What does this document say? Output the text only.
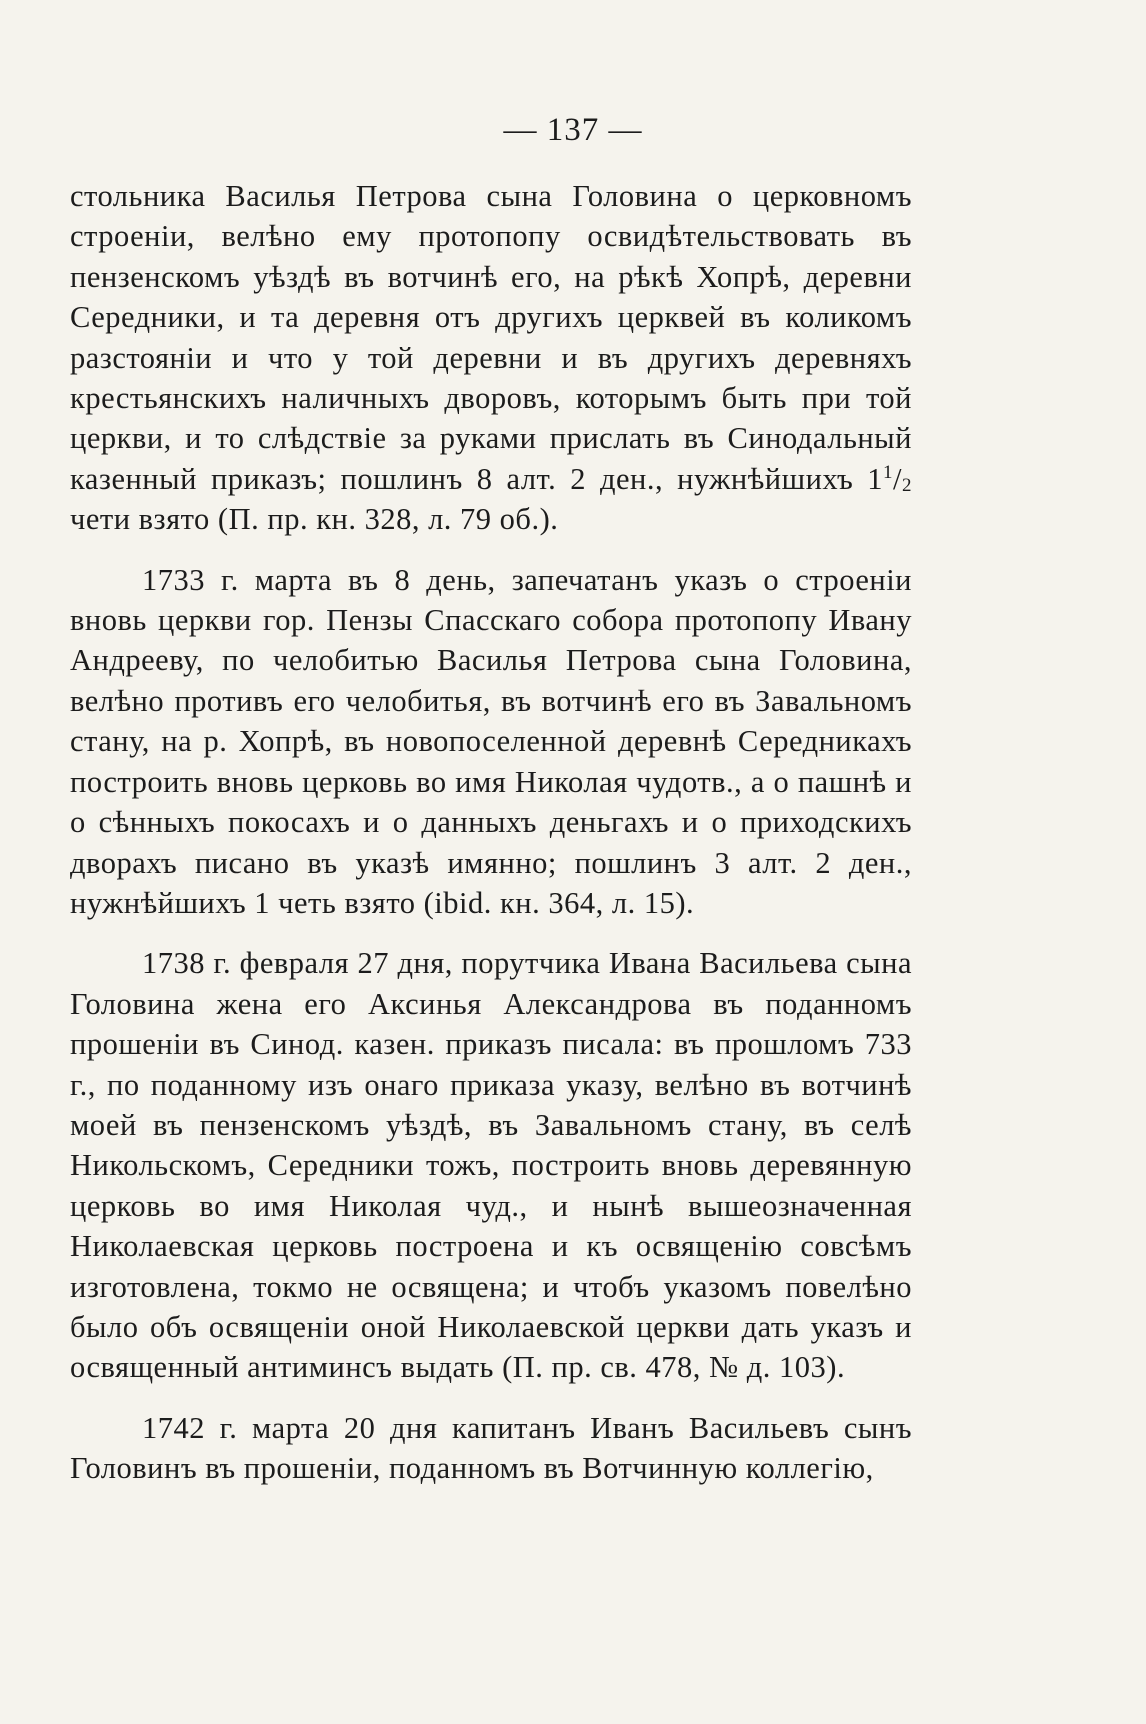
— 137 —

стольника Василья Петрова сына Головина о церковномъ строеніи, велѣно ему протопопу освидѣтельствовать въ пензенскомъ уѣздѣ въ вотчинѣ его, на рѣкѣ Хопрѣ, деревни Середники, и та деревня отъ другихъ церквей въ коликомъ разстояніи и что у той деревни и въ другихъ деревняхъ крестьянскихъ наличныхъ дворовъ, которымъ быть при той церкви, и то слѣдствіе за руками прислать въ Синодальный казенный приказъ; пошлинъ 8 алт. 2 ден., нужнѣйшихъ $1^1/_2$ чети взято (П. пр. кн. 328, л. 79 об.).

1733 г. марта въ 8 день, запечатанъ указъ о строеніи вновь церкви гор. Пензы Спасскаго собора протопопу Ивану Андрееву, по челобитью Василья Петрова сына Головина, велѣно противъ его челобитья, въ вотчинѣ его въ Завальномъ стану, на р. Хопрѣ, въ новопоселенной деревнѣ Середникахъ построить вновь церковь во имя Николая чудотв., а о пашнѣ и о сѣнныхъ покосахъ и о данныхъ деньгахъ и о приходскихъ дворахъ писано въ указѣ имянно; пошлинъ 3 алт. 2 ден., нужнѣйшихъ 1 четь взято (ibid. кн. 364, л. 15).

1738 г. февраля 27 дня, порутчика Ивана Васильева сына Головина жена его Аксинья Александрова въ поданномъ прошеніи въ Синод. казен. приказъ писала: въ прошломъ 733 г., по поданному изъ онаго приказа указу, велѣно въ вотчинѣ моей въ пензенскомъ уѣздѣ, въ Завальномъ стану, въ селѣ Никольскомъ, Середники тожъ, построить вновь деревянную церковь во имя Николая чуд., и нынѣ вышеозначенная Николаевская церковь построена и къ освященію совсѣмъ изготовлена, токмо не освящена; и чтобъ указомъ повелѣно было объ освященіи оной Николаевской церкви дать указъ и освященный антиминсъ выдать (П. пр. св. 478, № д. 103).

1742 г. марта 20 дня капитанъ Иванъ Васильевъ сынъ Головинъ въ прошеніи, поданномъ въ Вотчинную коллегію,
